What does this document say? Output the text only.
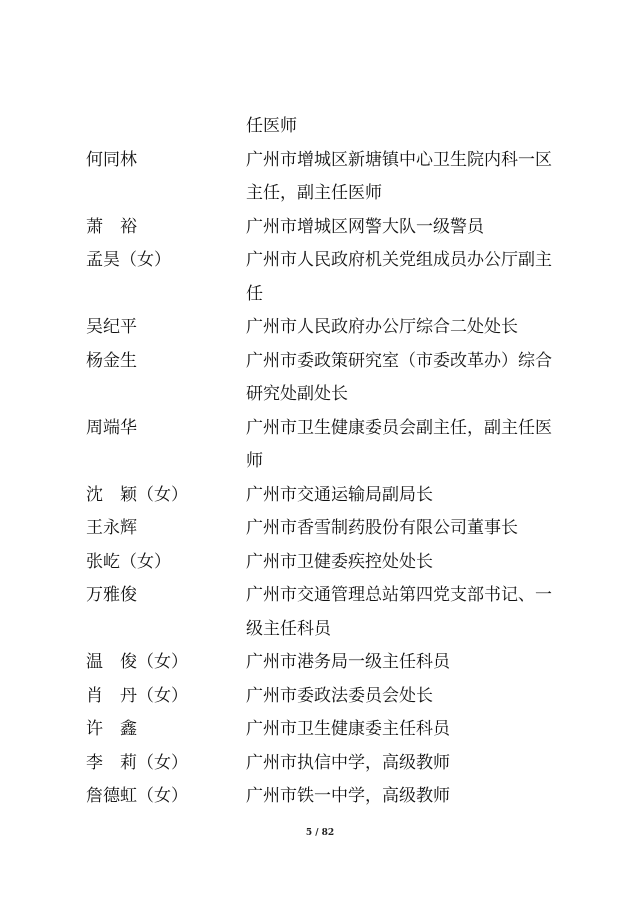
任医师
何同林	广州市增城区新塘镇中心卫生院内科一区
主任，副主任医师
萧　裕	广州市增城区网警大队一级警员
孟昊（女）	广州市人民政府机关党组成员办公厅副主
任
吴纪平	广州市人民政府办公厅综合二处处长
杨金生	广州市委政策研究室（市委改革办）综合
研究处副处长
周端华	广州市卫生健康委员会副主任，副主任医
师
沈　颖（女）	广州市交通运输局副局长
王永辉	广州市香雪制药股份有限公司董事长
张屹（女）	广州市卫健委疾控处处长
万雅俊	广州市交通管理总站第四党支部书记、一
级主任科员
温　俊（女）	广州市港务局一级主任科员
肖　丹（女）	广州市委政法委员会处长
许　鑫	广州市卫生健康委主任科员
李　莉（女）	广州市执信中学，高级教师
詹德虹（女）	广州市铁一中学，高级教师
5 / 82
